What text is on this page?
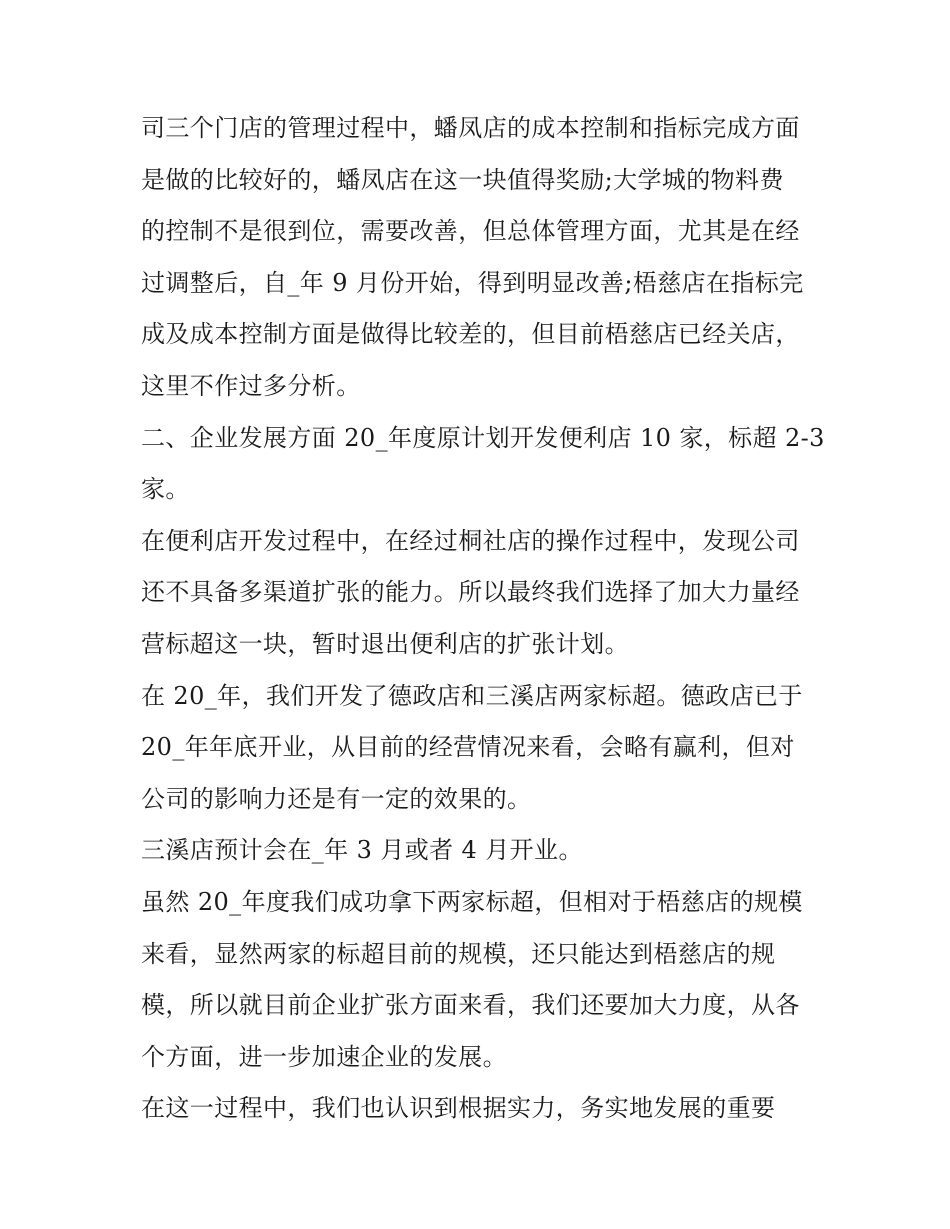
司三个门店的管理过程中，蟠凤店的成本控制和指标完成方面
是做的比较好的，蟠凤店在这一块值得奖励;大学城的物料费
的控制不是很到位，需要改善，但总体管理方面，尤其是在经
过调整后，自_年 9 月份开始，得到明显改善;梧慈店在指标完
成及成本控制方面是做得比较差的，但目前梧慈店已经关店，
这里不作过多分析。

二、企业发展方面 20_年度原计划开发便利店 10 家，标超 2-3
家。

在便利店开发过程中，在经过桐社店的操作过程中，发现公司
还不具备多渠道扩张的能力。所以最终我们选择了加大力量经
营标超这一块，暂时退出便利店的扩张计划。

在 20_年，我们开发了德政店和三溪店两家标超。德政店已于
20_年年底开业，从目前的经营情况来看，会略有赢利，但对
公司的影响力还是有一定的效果的。

三溪店预计会在_年 3 月或者 4 月开业。

虽然 20_年度我们成功拿下两家标超，但相对于梧慈店的规模
来看，显然两家的标超目前的规模，还只能达到梧慈店的规
模，所以就目前企业扩张方面来看，我们还要加大力度，从各
个方面，进一步加速企业的发展。

在这一过程中，我们也认识到根据实力，务实地发展的重要
